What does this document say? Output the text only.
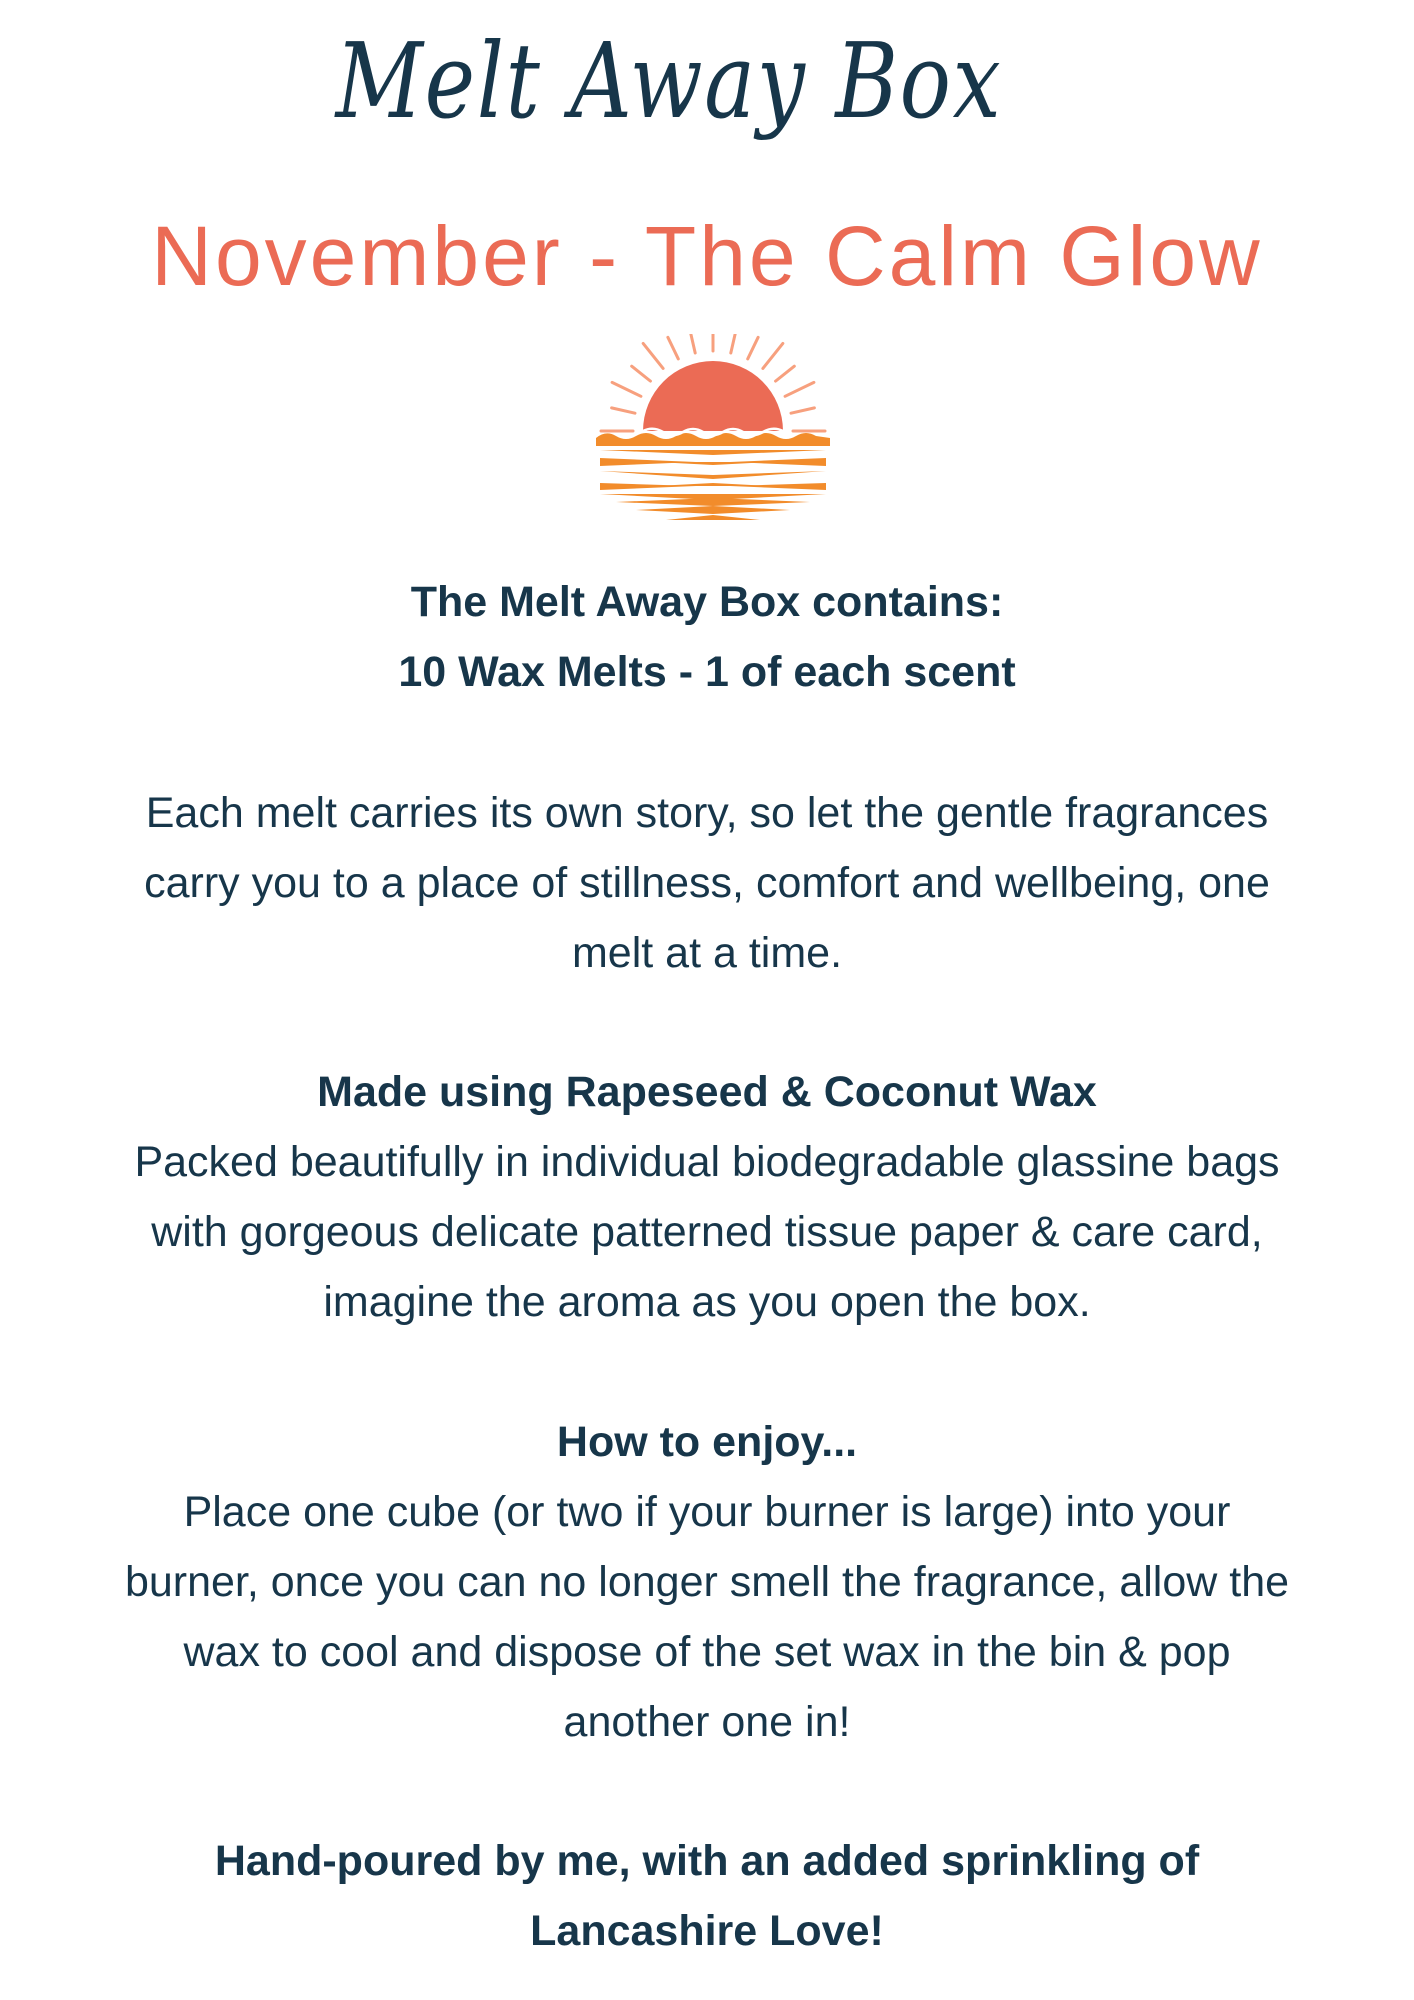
Melt Away Box
November - The Calm Glow
The Melt Away Box contains:
10 Wax Melts - 1 of each scent
Each melt carries its own story, so let the gentle fragrances
carry you to a place of stillness, comfort and wellbeing, one
melt at a time.
Made using Rapeseed & Coconut Wax
Packed beautifully in individual biodegradable glassine bags
with gorgeous delicate patterned tissue paper & care card,
imagine the aroma as you open the box.
How to enjoy...
Place one cube (or two if your burner is large) into your
burner, once you can no longer smell the fragrance, allow the
wax to cool and dispose of the set wax in the bin & pop
another one in!
Hand-poured by me, with an added sprinkling of
Lancashire Love!
